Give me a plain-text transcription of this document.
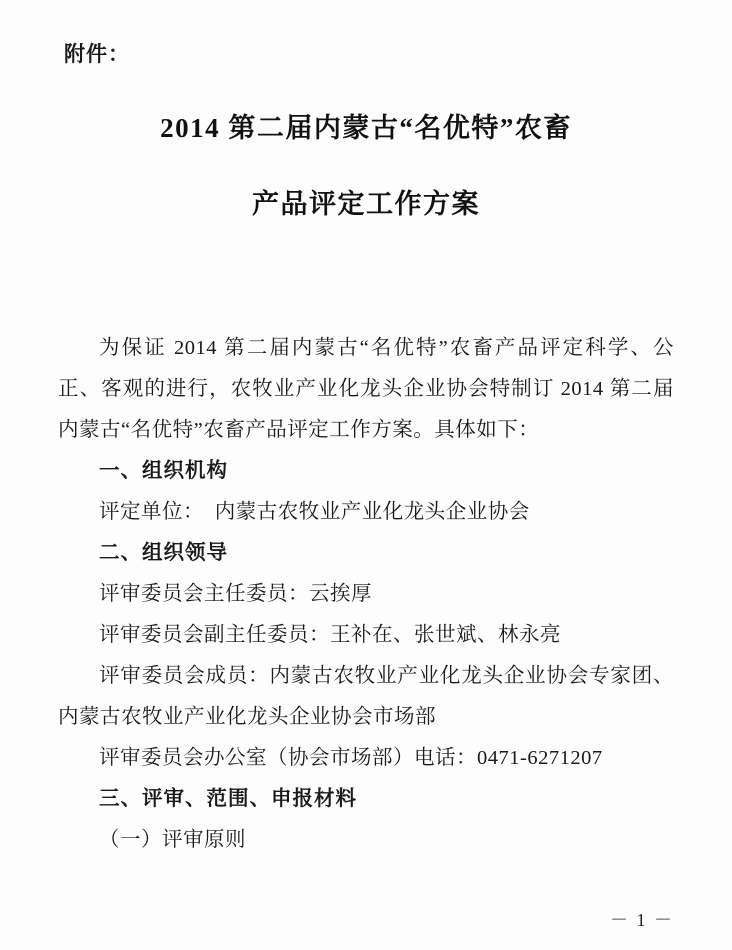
附件：
2014 第二届内蒙古“名优特”农畜
产品评定工作方案
为保证 2014 第二届内蒙古“名优特”农畜产品评定科学、公正、客观的进行，农牧业产业化龙头企业协会特制订 2014 第二届内蒙古“名优特”农畜产品评定工作方案。具体如下：
一、组织机构
评定单位：　内蒙古农牧业产业化龙头企业协会
二、组织领导
评审委员会主任委员：云挨厚
评审委员会副主任委员：王补在、张世斌、林永亮
评审委员会成员：内蒙古农牧业产业化龙头企业协会专家团、内蒙古农牧业产业化龙头企业协会市场部
评审委员会办公室（协会市场部）电话：0471-6271207
三、评审、范围、申报材料
（一）评审原则
－ 1 －
